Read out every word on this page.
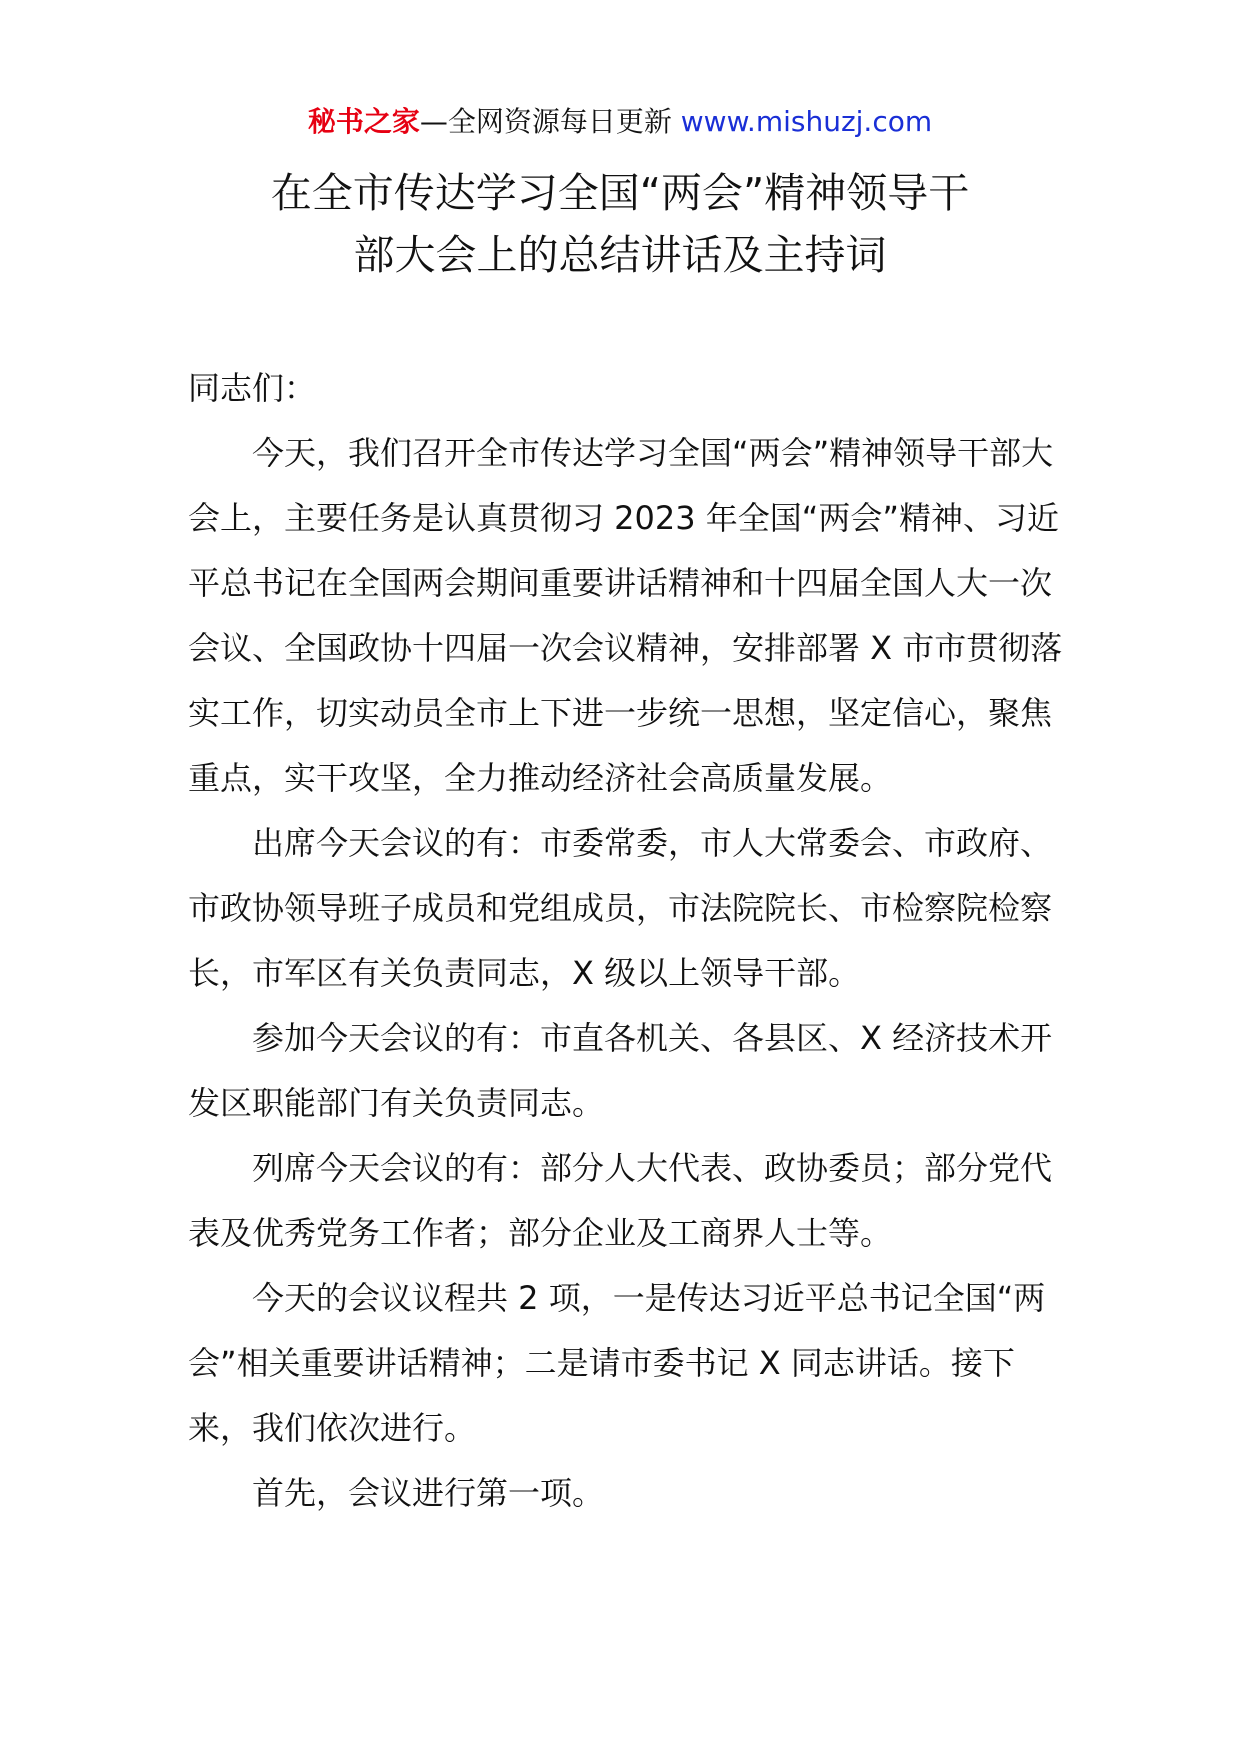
秘书之家—全网资源每日更新 www.mishuzj.com
在全市传达学习全国“两会”精神领导干
部大会上的总结讲话及主持词

同志们：

今天，我们召开全市传达学习全国“两会”精神领导干部大会上，主要任务是认真贯彻习 2023 年全国“两会”精神、习近平总书记在全国两会期间重要讲话精神和十四届全国人大一次会议、全国政协十四届一次会议精神，安排部署 X 市市贯彻落实工作，切实动员全市上下进一步统一思想，坚定信心，聚焦重点，实干攻坚，全力推动经济社会高质量发展。

出席今天会议的有：市委常委，市人大常委会、市政府、市政协领导班子成员和党组成员，市法院院长、市检察院检察长，市军区有关负责同志，X 级以上领导干部。

参加今天会议的有：市直各机关、各县区、X 经济技术开发区职能部门有关负责同志。

列席今天会议的有：部分人大代表、政协委员；部分党代表及优秀党务工作者；部分企业及工商界人士等。

今天的会议议程共 2 项，一是传达习近平总书记全国“两会”相关重要讲话精神；二是请市委书记 X 同志讲话。接下来，我们依次进行。

首先，会议进行第一项。
